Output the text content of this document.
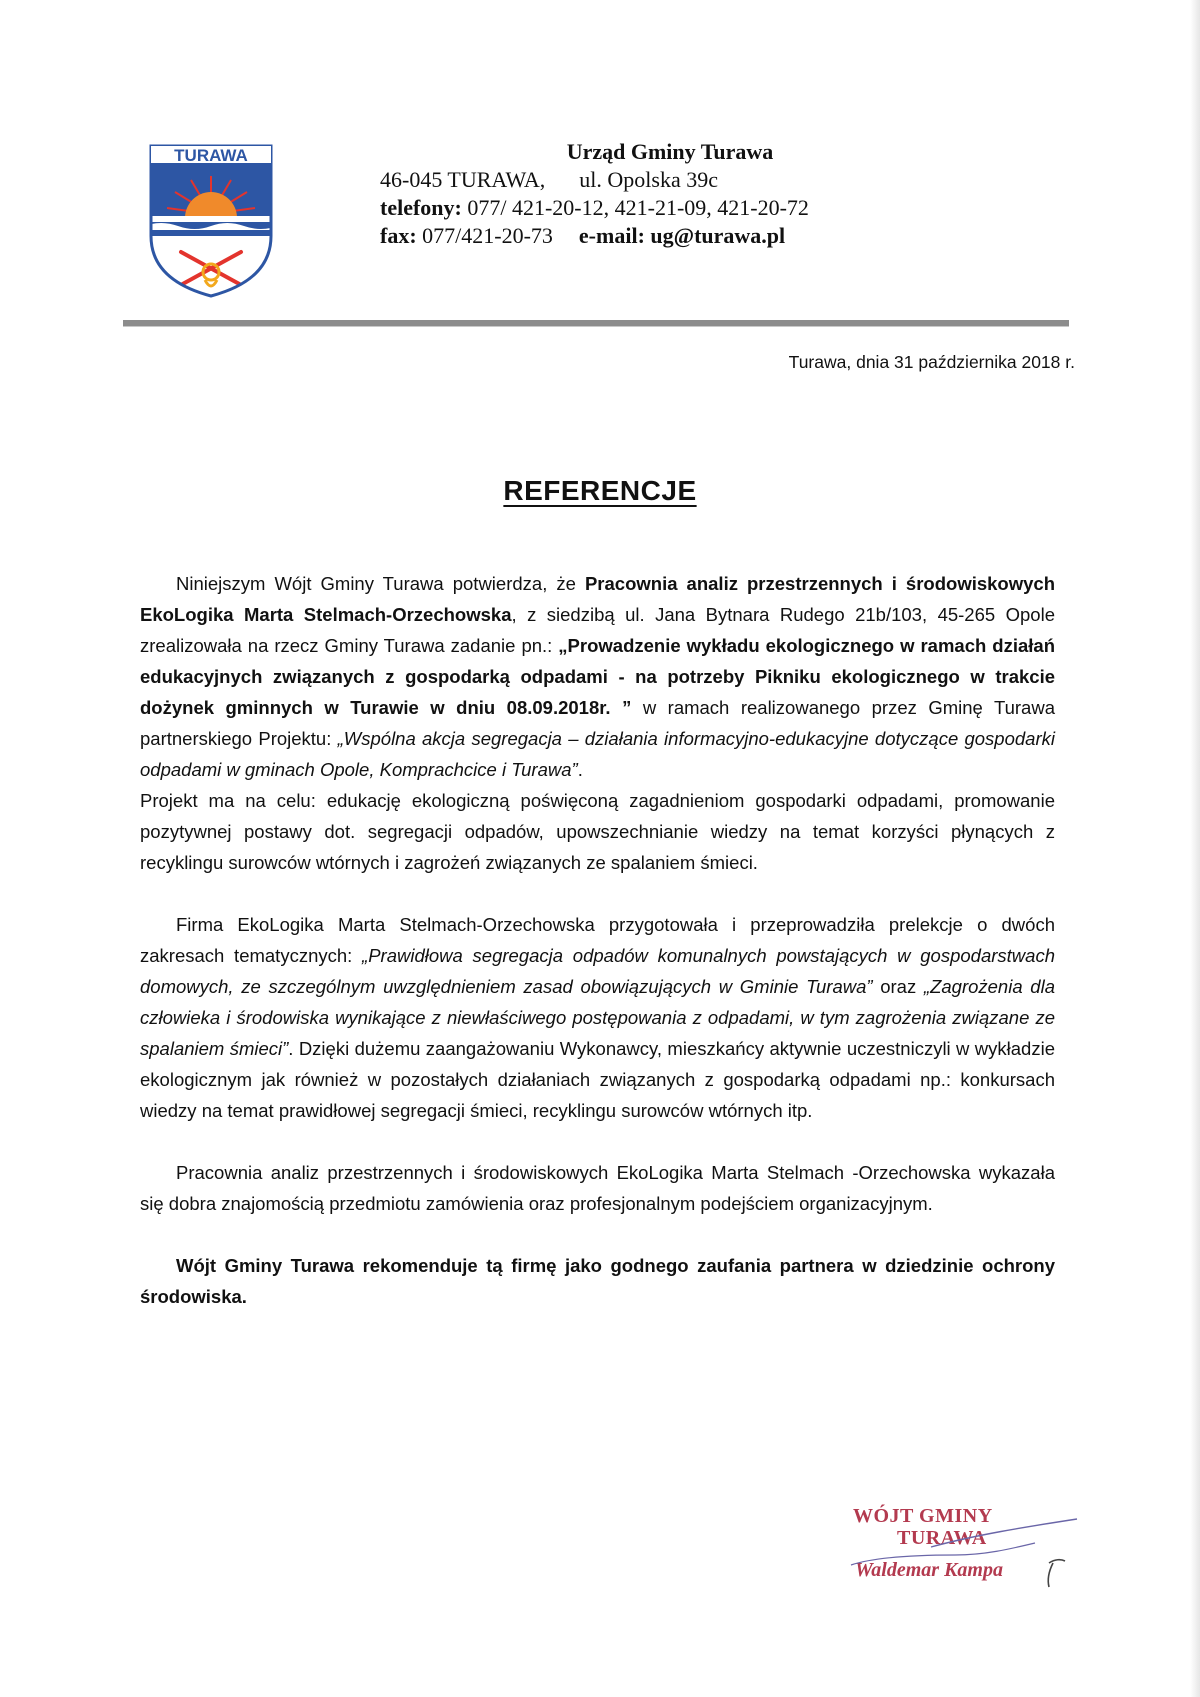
TURAWA	Urząd Gminy Turawa
46-045 TURAWA, ul. Opolska 39c
telefony: 077/ 421-20-12, 421-21-09, 421-20-72
fax: 077/421-20-73 e-mail: ug@turawa.pl
Turawa, dnia 31 października 2018 r.
REFERENCJE

Niniejszym Wójt Gminy Turawa potwierdza, że Pracownia analiz przestrzennych i środowiskowych EkoLogika Marta Stelmach-Orzechowska, z siedzibą ul. Jana Bytnara Rudego 21b/103, 45-265 Opole zrealizowała na rzecz Gminy Turawa zadanie pn.: „Prowadzenie wykładu ekologicznego w ramach działań edukacyjnych związanych z gospodarką odpadami - na potrzeby Pikniku ekologicznego w trakcie dożynek gminnych w Turawie w dniu 08.09.2018r. ” w ramach realizowanego przez Gminę Turawa partnerskiego Projektu: „Wspólna akcja segregacja – działania informacyjno-edukacyjne dotyczące gospodarki odpadami w gminach Opole, Komprachcice i Turawa”.

Projekt ma na celu: edukację ekologiczną poświęconą zagadnieniom gospodarki odpadami, promowanie pozytywnej postawy dot. segregacji odpadów, upowszechnianie wiedzy na temat korzyści płynących z recyklingu surowców wtórnych i zagrożeń związanych ze spalaniem śmieci.

Firma EkoLogika Marta Stelmach-Orzechowska przygotowała i przeprowadziła prelekcje o dwóch zakresach tematycznych: „Prawidłowa segregacja odpadów komunalnych powstających w gospodarstwach domowych, ze szczególnym uwzględnieniem zasad obowiązujących w Gminie Turawa” oraz „Zagrożenia dla człowieka i środowiska wynikające z niewłaściwego postępowania z odpadami, w tym zagrożenia związane ze spalaniem śmieci”. Dzięki dużemu zaangażowaniu Wykonawcy, mieszkańcy aktywnie uczestniczyli w wykładzie ekologicznym jak również w pozostałych działaniach związanych z gospodarką odpadami np.: konkursach wiedzy na temat prawidłowej segregacji śmieci, recyklingu surowców wtórnych itp.

Pracownia analiz przestrzennych i środowiskowych EkoLogika Marta Stelmach -Orzechowska wykazała się dobra znajomością przedmiotu zamówienia oraz profesjonalnym podejściem organizacyjnym.

Wójt Gminy Turawa rekomenduje tą firmę jako godnego zaufania partnera w dziedzinie ochrony środowiska.

WÓJT GMINY
TURAWA
Waldemar Kampa
